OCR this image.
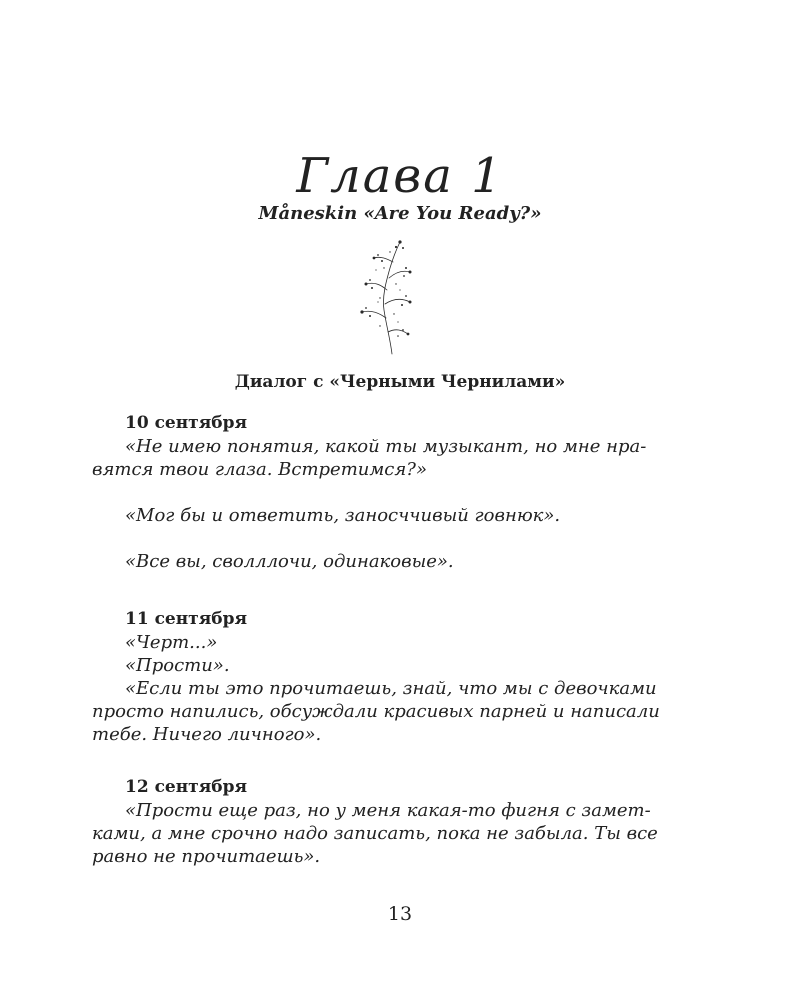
Глава 1
Måneskin «Are You Ready?»
Диалог с «Черными Чернилами»
10 сентября
«Не имею понятия, какой ты музыкант, но мне нра-
вятся твои глаза. Встретимся?»
«Мог бы и ответить, заносччивый говнюк».
«Все вы, сволллочи, одинаковые».
11 сентября
«Черт...»
«Прости».
«Если ты это прочитаешь, знай, что мы с девочками
просто напились, обсуждали красивых парней и написали
тебе. Ничего личного».
12 сентября
«Прости еще раз, но у меня какая-то фигня с замет-
ками, а мне срочно надо записать, пока не забыла. Ты все
равно не прочитаешь».
13
